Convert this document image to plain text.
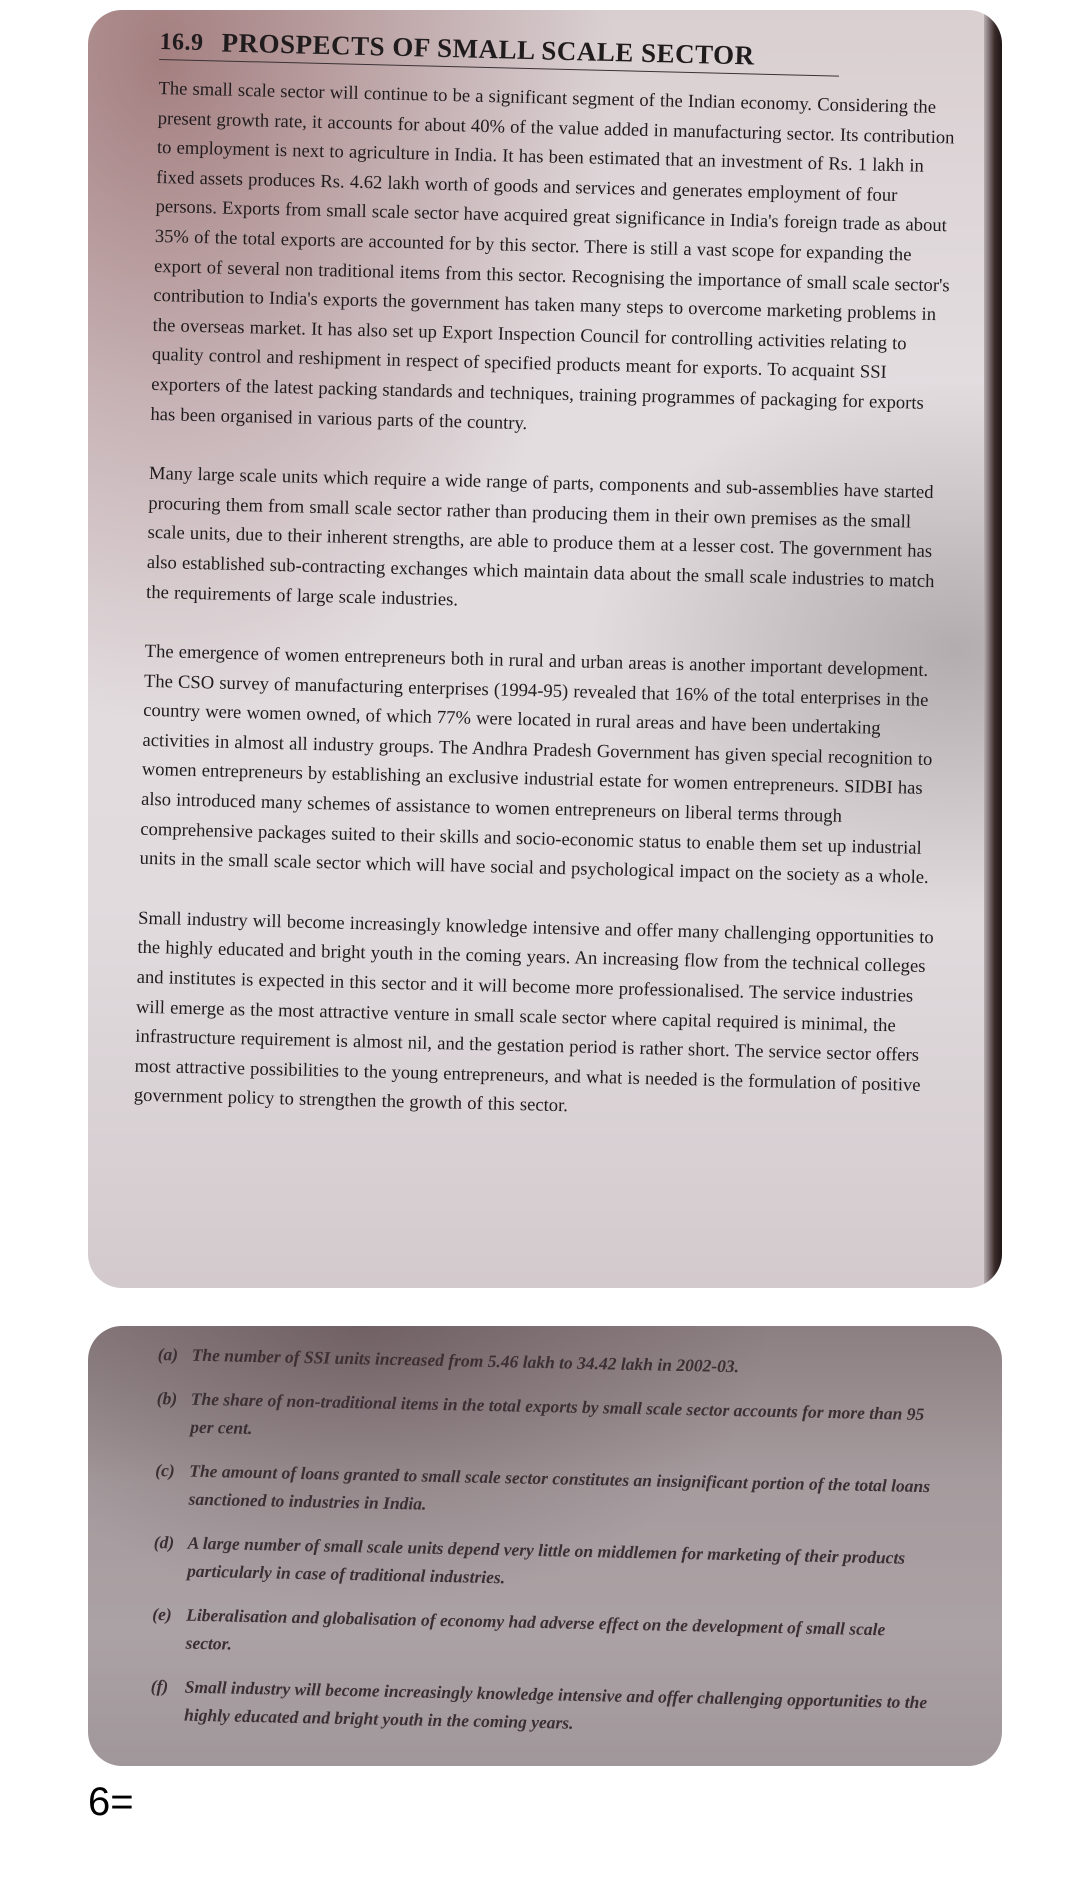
16.9 PROSPECTS OF SMALL SCALE SECTOR

The small scale sector will continue to be a significant segment of the Indian economy. Considering the present growth rate, it accounts for about 40% of the value added in manufacturing sector. Its contribution to employment is next to agriculture in India. It has been estimated that an investment of Rs. 1 lakh in fixed assets produces Rs. 4.62 lakh worth of goods and services and generates employment of four persons. Exports from small scale sector have acquired great significance in India's foreign trade as about 35% of the total exports are accounted for by this sector. There is still a vast scope for expanding the export of several non traditional items from this sector. Recognising the importance of small scale sector's contribution to India's exports the government has taken many steps to overcome marketing problems in the overseas market. It has also set up Export Inspection Council for controlling activities relating to quality control and reshipment in respect of specified products meant for exports. To acquaint SSI exporters of the latest packing standards and techniques, training programmes of packaging for exports has been organised in various parts of the country.

Many large scale units which require a wide range of parts, components and sub-assemblies have started procuring them from small scale sector rather than producing them in their own premises as the small scale units, due to their inherent strengths, are able to produce them at a lesser cost. The government has also established sub-contracting exchanges which maintain data about the small scale industries to match the requirements of large scale industries.

The emergence of women entrepreneurs both in rural and urban areas is another important development. The CSO survey of manufacturing enterprises (1994-95) revealed that 16% of the total enterprises in the country were women owned, of which 77% were located in rural areas and have been undertaking activities in almost all industry groups. The Andhra Pradesh Government has given special recognition to women entrepreneurs by establishing an exclusive industrial estate for women entrepreneurs. SIDBI has also introduced many schemes of assistance to women entrepreneurs on liberal terms through comprehensive packages suited to their skills and socio-economic status to enable them set up industrial units in the small scale sector which will have social and psychological impact on the society as a whole.

Small industry will become increasingly knowledge intensive and offer many challenging opportunities to the highly educated and bright youth in the coming years. An increasing flow from the technical colleges and institutes is expected in this sector and it will become more professionalised. The service industries will emerge as the most attractive venture in small scale sector where capital required is minimal, the infrastructure requirement is almost nil, and the gestation period is rather short. The service sector offers most attractive possibilities to the young entrepreneurs, and what is needed is the formulation of positive government policy to strengthen the growth of this sector.

(a) The number of SSI units increased from 5.46 lakh to 34.42 lakh in 2002-03.
(b) The share of non-traditional items in the total exports by small scale sector accounts for more than 95 per cent.
(c) The amount of loans granted to small scale sector constitutes an insignificant portion of the total loans sanctioned to industries in India.
(d) A large number of small scale units depend very little on middlemen for marketing of their products particularly in case of traditional industries.
(e) Liberalisation and globalisation of economy had adverse effect on the development of small scale sector.
(f) Small industry will become increasingly knowledge intensive and offer challenging opportunities to the highly educated and bright youth in the coming years.
6=
